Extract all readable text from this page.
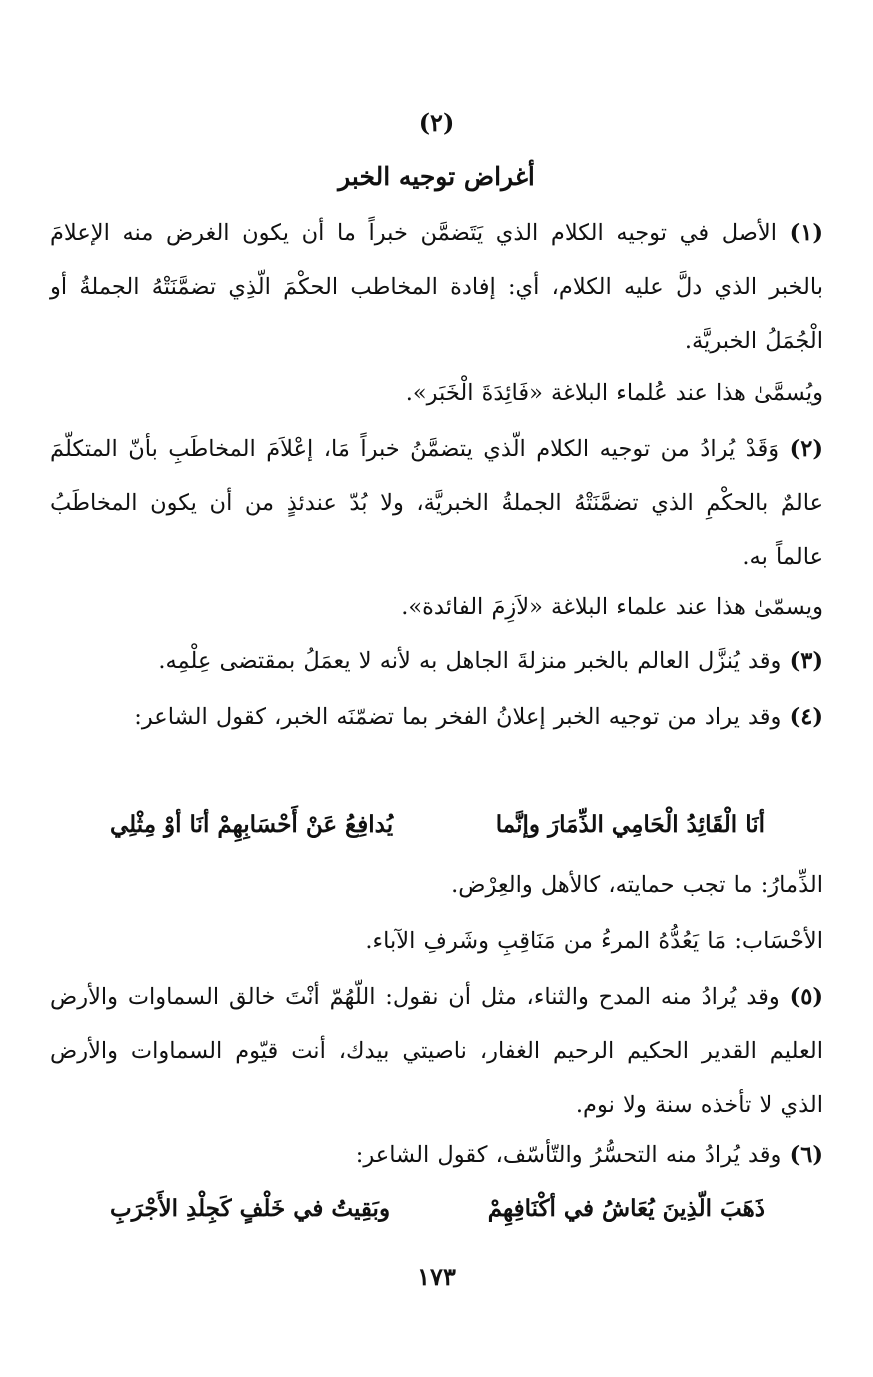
(٢)
أغراض توجيه الخبر
(١) الأصل في توجيه الكلام الذي يَتَضمَّن خبراً ما أن يكون الغرض منه الإعلامَ بالخبر الذي دلَّ عليه الكلام، أي: إفادة المخاطب الحكْمَ الّذِي تضمَّنَتْهُ الجملةُ أو الْجُمَلُ الخبريَّة.
ويُسمَّىٰ هذا عند عُلماء البلاغة «فَائِدَةَ الْخَبَر».
(٢) وَقَدْ يُرادُ من توجيه الكلام الّذي يتضمَّنُ خبراً مَا، إعْلاَمَ المخاطَبِ بأنّ المتكلّمَ عالمٌ بالحكْمِ الذي تضمَّنَتْهُ الجملةُ الخبريَّة، ولا بُدّ عندئذٍ من أن يكون المخاطَبُ عالماً به.
ويسمّىٰ هذا عند علماء البلاغة «لاَزِمَ الفائدة».
(٣) وقد يُنزَّل العالم بالخبر منزلةَ الجاهل به لأنه لا يعمَلُ بمقتضى عِلْمِه.
(٤) وقد يراد من توجيه الخبر إعلانُ الفخر بما تضمّنَه الخبر، كقول الشاعر:
أنَا الْقَائِدُ الْحَامِي الذِّمَارَ وإنَّما
يُدافِعُ عَنْ أَحْسَابِهِمْ أنَا أوْ مِثْلِي
الذِّمارُ: ما تجب حمايته، كالأهل والعِرْض.
الأحْسَاب: مَا يَعُدُّهُ المرءُ من مَنَاقِبِ وشَرفِ الآباء.
(٥) وقد يُرادُ منه المدح والثناء، مثل أن نقول: اللّهُمّ أنْتَ خالق السماوات والأرض العليم القدير الحكيم الرحيم الغفار، ناصيتي بيدك، أنت قيّوم السماوات والأرض الذي لا تأخذه سنة ولا نوم.
(٦) وقد يُرادُ منه التحسُّرُ والتّأسّف، كقول الشاعر:
ذَهَبَ الّذِينَ يُعَاشُ في أكْنَافِهِمْ
وبَقِيتُ في خَلْفٍ كَجِلْدِ الأَجْرَبِ
١٧٣
